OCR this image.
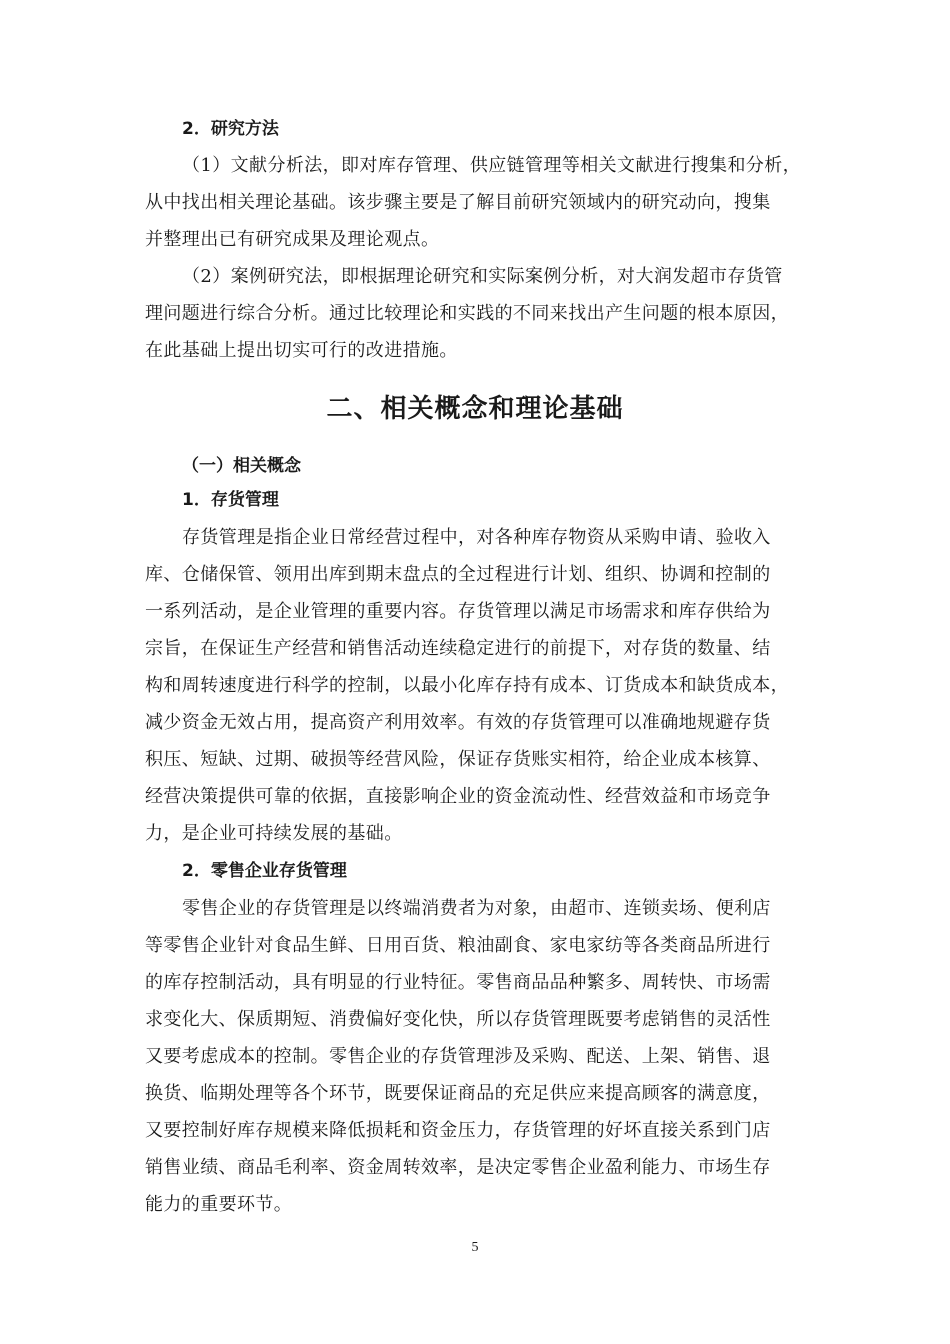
2．研究方法
（1）文献分析法，即对库存管理、供应链管理等相关文献进行搜集和分析，
从中找出相关理论基础。该步骤主要是了解目前研究领域内的研究动向，搜集
并整理出已有研究成果及理论观点。
（2）案例研究法，即根据理论研究和实际案例分析，对大润发超市存货管
理问题进行综合分析。通过比较理论和实践的不同来找出产生问题的根本原因，
在此基础上提出切实可行的改进措施。
二、相关概念和理论基础
（一）相关概念
1．存货管理
存货管理是指企业日常经营过程中，对各种库存物资从采购申请、验收入
库、仓储保管、领用出库到期末盘点的全过程进行计划、组织、协调和控制的
一系列活动，是企业管理的重要内容。存货管理以满足市场需求和库存供给为
宗旨，在保证生产经营和销售活动连续稳定进行的前提下，对存货的数量、结
构和周转速度进行科学的控制，以最小化库存持有成本、订货成本和缺货成本，
减少资金无效占用，提高资产利用效率。有效的存货管理可以准确地规避存货
积压、短缺、过期、破损等经营风险，保证存货账实相符，给企业成本核算、
经营决策提供可靠的依据，直接影响企业的资金流动性、经营效益和市场竞争
力，是企业可持续发展的基础。
2．零售企业存货管理
零售企业的存货管理是以终端消费者为对象，由超市、连锁卖场、便利店
等零售企业针对食品生鲜、日用百货、粮油副食、家电家纺等各类商品所进行
的库存控制活动，具有明显的行业特征。零售商品品种繁多、周转快、市场需
求变化大、保质期短、消费偏好变化快，所以存货管理既要考虑销售的灵活性
又要考虑成本的控制。零售企业的存货管理涉及采购、配送、上架、销售、退
换货、临期处理等各个环节，既要保证商品的充足供应来提高顾客的满意度，
又要控制好库存规模来降低损耗和资金压力，存货管理的好坏直接关系到门店
销售业绩、商品毛利率、资金周转效率，是决定零售企业盈利能力、市场生存
能力的重要环节。
5
